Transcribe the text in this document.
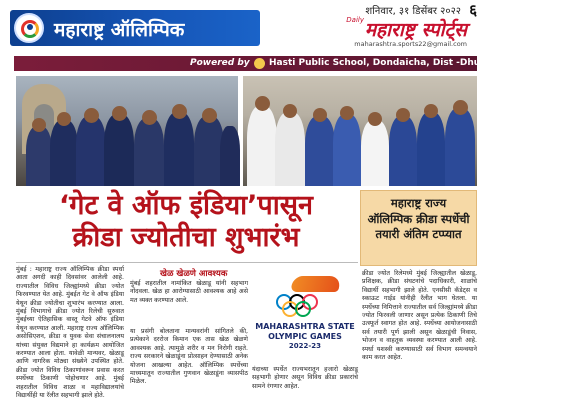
महाराष्ट्र ऑलिम्पिक
शनिवार, ३१ डिसेंबर २०२२ ६
Daily महाराष्ट्र स्पोर्ट्स
maharashtra.sports22@gmail.com
Powered by Hasti Public School, Dondaicha, Dist -Dhule (MS) - 425408
‘गेट वे ऑफ इंडिया’पासून
क्रीडा ज्योतीचा शुभारंभ

महाराष्ट्र राज्य ऑलिम्पिक क्रीडा स्पर्धेची तयारी अंतिम टप्प्यात

मुंबई : महाराष्ट्र राज्य ऑलिम्पिक क्रीडा स्पर्धा आता अगदी काही दिवसांवर आलेली आहे. राज्यातील विविध जिल्ह्यांमध्ये क्रीडा ज्योत फिरवण्यात येत आहे. मुंबईत गेट वे ऑफ इंडिया येथून क्रीडा ज्योतीचा शुभारंभ करण्यात आला. मुंबई विभागाचे क्रीडा ज्योत रिलेची सुरुवात मुंबईच्या ऐतिहासिक वास्तू गेटवे ऑफ इंडिया येथून करण्यात आली. महाराष्ट्र राज्य ऑलिम्पिक असोसिएशन, क्रीडा व युवक सेवा संचालनालय यांच्या संयुक्त विद्यमाने हा कार्यक्रम आयोजित करण्यात आला होता. यावेळी मान्यवर, खेळाडू आणि नागरिक मोठ्या संख्येने उपस्थित होते. क्रीडा ज्योत विविध ठिकाणांवरून प्रवास करत स्पर्धेच्या ठिकाणी पोहोचणार आहे. मुंबई शहरातील विविध शाळा व महाविद्यालयांचे विद्यार्थीही या रॅलीत सहभागी झाले होते.
खेळ खेळणे आवश्यक
मुंबई शहरातील नामांकित खेळाडू यांनी सहभाग नोंदवला. खेळ हा आरोग्यासाठी आवश्यक आहे असे मत व्यक्त करण्यात आले.
या प्रसंगी बोलताना मान्यवरांनी सांगितले की, प्रत्येकाने दररोज किमान एक तास खेळ खेळणे आवश्यक आहे. त्यामुळे शरीर व मन निरोगी राहते. राज्य सरकारने खेळाडूंना प्रोत्साहन देण्यासाठी अनेक योजना आखल्या आहेत. ऑलिम्पिक स्पर्धेच्या माध्यमातून राज्यातील गुणवान खेळाडूंना व्यासपीठ मिळेल.
MAHARASHTRA STATE
OLYMPIC GAMES
2022-23
यंदाच्या स्पर्धेत राज्यभरातून हजारो खेळाडू सहभागी होणार असून विविध क्रीडा प्रकारांचे सामने रंगणार आहेत.
क्रीडा ज्योत रिलेमध्ये मुंबई जिल्ह्यातील खेळाडू, प्रशिक्षक, क्रीडा संघटनांचे पदाधिकारी, शाळांचे विद्यार्थी सहभागी झाले होते. एनसीसी कॅडेट्स व स्काऊट गाईड यांनीही रॅलीत भाग घेतला. या स्पर्धेच्या निमित्ताने राज्यातील सर्व जिल्ह्यांमध्ये क्रीडा ज्योत फिरवली जाणार असून प्रत्येक ठिकाणी तिचे उत्स्फूर्त स्वागत होत आहे. स्पर्धेच्या आयोजनासाठी सर्व तयारी पूर्ण झाली असून खेळाडूंची निवास, भोजन व वाहतूक व्यवस्था करण्यात आली आहे. स्पर्धा यशस्वी करण्यासाठी सर्व विभाग समन्वयाने काम करत आहेत.
